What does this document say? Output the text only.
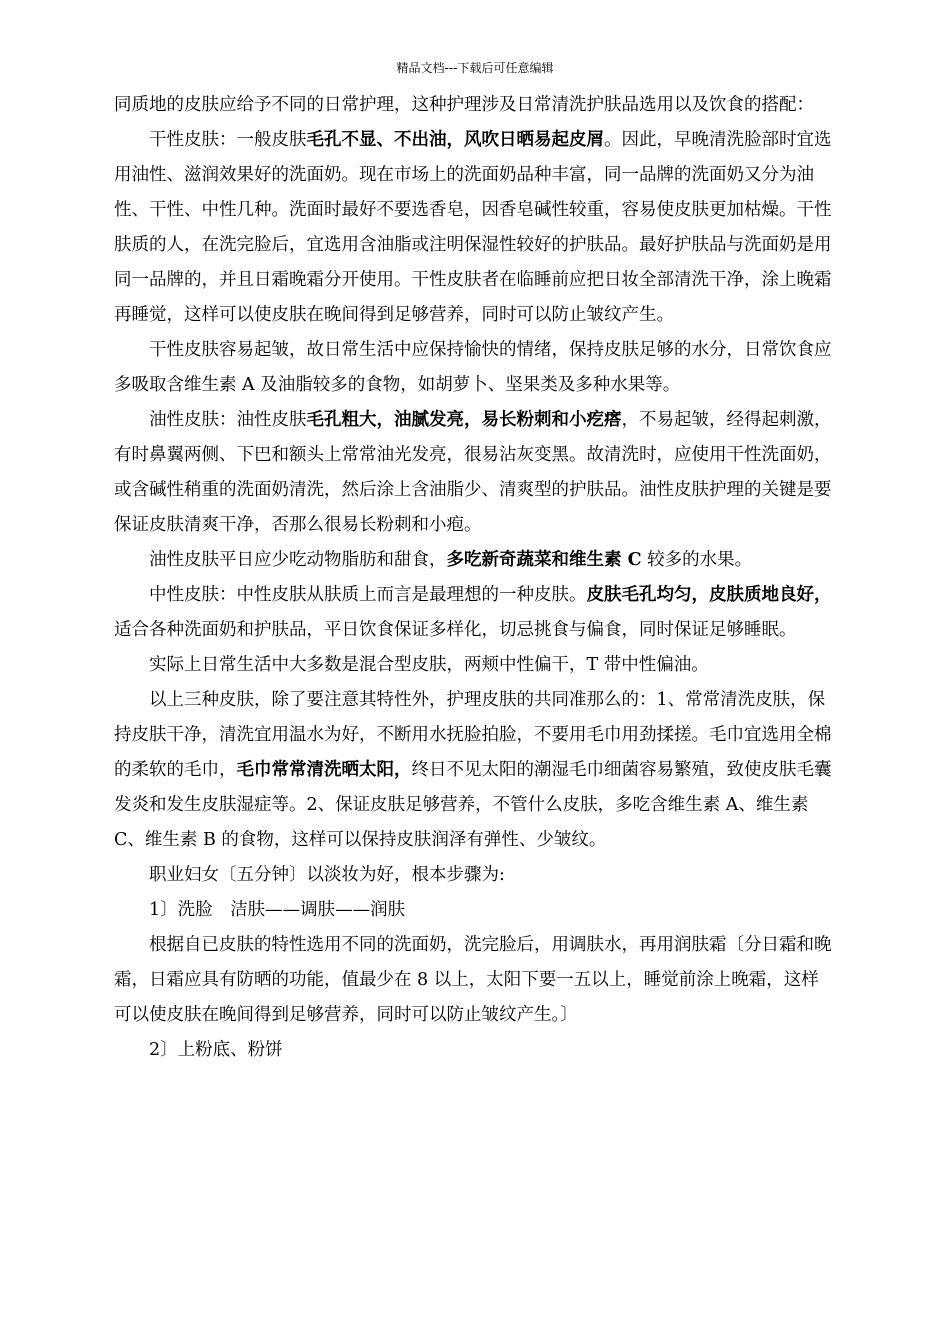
精品文档---下载后可任意编辑

同质地的皮肤应给予不同的日常护理，这种护理涉及日常清洗护肤品选用以及饮食的搭配：

干性皮肤：一般皮肤毛孔不显、不出油，风吹日晒易起皮屑。因此，早晚清洗脸部时宜选用油性、滋润效果好的洗面奶。现在市场上的洗面奶品种丰富，同一品牌的洗面奶又分为油性、干性、中性几种。洗面时最好不要选香皂，因香皂碱性较重，容易使皮肤更加枯燥。干性肤质的人，在洗完脸后，宜选用含油脂或注明保湿性较好的护肤品。最好护肤品与洗面奶是用同一品牌的，并且日霜晚霜分开使用。干性皮肤者在临睡前应把日妆全部清洗干净，涂上晚霜再睡觉，这样可以使皮肤在晚间得到足够营养，同时可以防止皱纹产生。

干性皮肤容易起皱，故日常生活中应保持愉快的情绪，保持皮肤足够的水分，日常饮食应多吸取含维生素 A 及油脂较多的食物，如胡萝卜、坚果类及多种水果等。

油性皮肤：油性皮肤毛孔粗大，油腻发亮，易长粉刺和小疙瘩，不易起皱，经得起刺激，有时鼻翼两侧、下巴和额头上常常油光发亮，很易沾灰变黑。故清洗时，应使用干性洗面奶，或含碱性稍重的洗面奶清洗，然后涂上含油脂少、清爽型的护肤品。油性皮肤护理的关键是要保证皮肤清爽干净，否那么很易长粉刺和小疱。

油性皮肤平日应少吃动物脂肪和甜食，多吃新奇蔬菜和维生素 C 较多的水果。

中性皮肤：中性皮肤从肤质上而言是最理想的一种皮肤。皮肤毛孔均匀，皮肤质地良好，适合各种洗面奶和护肤品，平日饮食保证多样化，切忌挑食与偏食，同时保证足够睡眠。

实际上日常生活中大多数是混合型皮肤，两颊中性偏干，T 带中性偏油。

以上三种皮肤，除了要注意其特性外，护理皮肤的共同准那么的：1、常常清洗皮肤，保持皮肤干净，清洗宜用温水为好，不断用水抚脸拍脸，不要用毛巾用劲揉搓。毛巾宜选用全棉的柔软的毛巾，毛巾常常清洗晒太阳，终日不见太阳的潮湿毛巾细菌容易繁殖，致使皮肤毛囊发炎和发生皮肤湿症等。2、保证皮肤足够营养，不管什么皮肤，多吃含维生素 A、维生素 C、维生素 B 的食物，这样可以保持皮肤润泽有弹性、少皱纹。

职业妇女〔五分钟〕以淡妆为好，根本步骤为:

1〕洗脸　洁肤——调肤——润肤

根据自已皮肤的特性选用不同的洗面奶，洗完脸后，用调肤水，再用润肤霜〔分日霜和晚霜，日霜应具有防晒的功能，值最少在 8 以上，太阳下要一五以上，睡觉前涂上晚霜，这样可以使皮肤在晚间得到足够营养，同时可以防止皱纹产生。〕

2〕上粉底、粉饼
